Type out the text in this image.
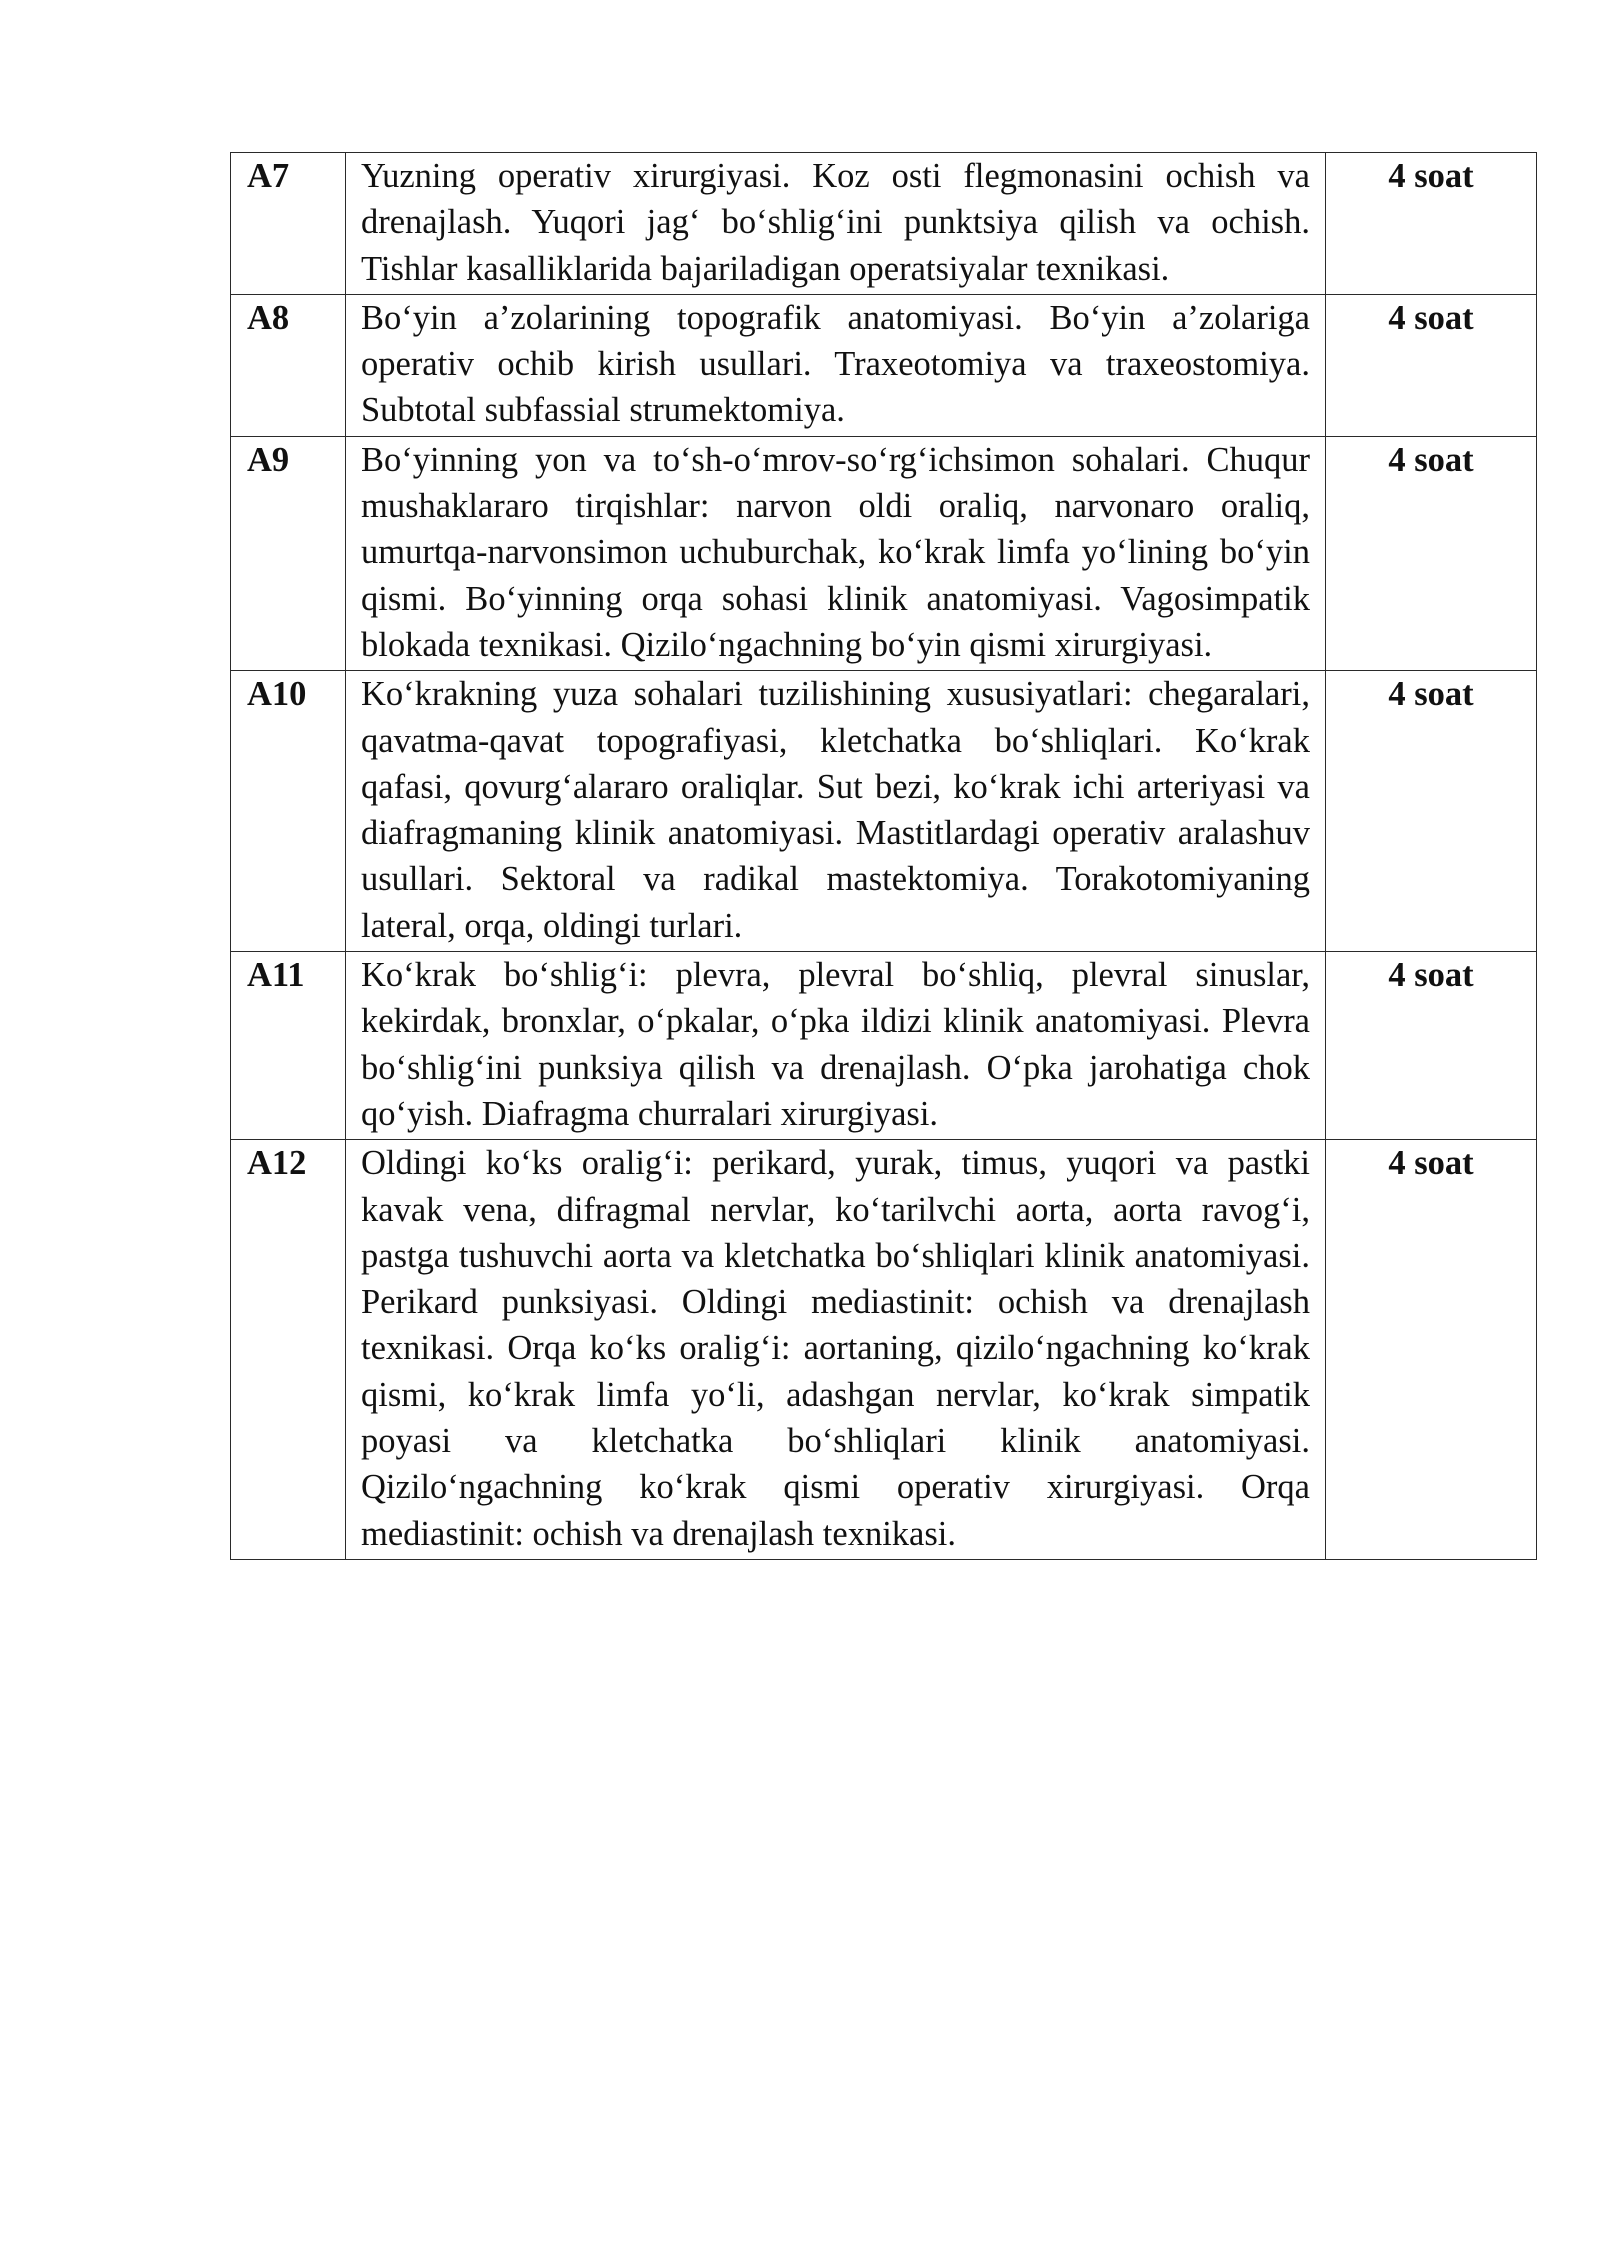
A7	Yuzning operativ xirurgiyasi. Koz osti flegmonasini ochish va drenajlash. Yuqori jag‘ bo‘shlig‘ini punktsiya qilish va ochish. Tishlar kasalliklarida bajariladigan operatsiyalar texnikasi.	4 soat
A8	Bo‘yin a’zolarining topografik anatomiyasi. Bo‘yin a’zolariga operativ ochib kirish usullari. Traxeotomiya va traxeostomiya. Subtotal subfassial strumektomiya.	4 soat
A9	Bo‘yinning yon va to‘sh-o‘mrov-so‘rg‘ichsimon sohalari. Chuqur mushaklararo tirqishlar: narvon oldi oraliq, narvonaro oraliq, umurtqa-narvonsimon uchuburchak, ko‘krak limfa yo‘lining bo‘yin qismi. Bo‘yinning orqa sohasi klinik anatomiyasi. Vagosimpatik blokada texnikasi. Qizilo‘ngachning bo‘yin qismi xirurgiyasi.	4 soat
A10	Ko‘krakning yuza sohalari tuzilishining xususiyatlari: chegaralari, qavatma-qavat topografiyasi, kletchatka bo‘shliqlari. Ko‘krak qafasi, qovurg‘alararo oraliqlar. Sut bezi, ko‘krak ichi arteriyasi va diafragmaning klinik anatomiyasi. Mastitlardagi operativ aralashuv usullari. Sektoral va radikal mastektomiya. Torakotomiyaning lateral, orqa, oldingi turlari.	4 soat
A11	Ko‘krak bo‘shlig‘i: plevra, plevral bo‘shliq, plevral sinuslar, kekirdak, bronxlar, o‘pkalar, o‘pka ildizi klinik anatomiyasi. Plevra bo‘shlig‘ini punksiya qilish va drenajlash. O‘pka jarohatiga chok qo‘yish. Diafragma churralari xirurgiyasi.	4 soat
A12	Oldingi ko‘ks oralig‘i: perikard, yurak, timus, yuqori va pastki kavak vena, difragmal nervlar, ko‘tarilvchi aorta, aorta ravog‘i, pastga tushuvchi aorta va kletchatka bo‘shliqlari klinik anatomiyasi. Perikard punksiyasi. Oldingi mediastinit: ochish va drenajlash texnikasi. Orqa ko‘ks oralig‘i: aortaning, qizilo‘ngachning ko‘krak qismi, ko‘krak limfa yo‘li, adashgan nervlar, ko‘krak simpatik poyasi va kletchatka bo‘shliqlari klinik anatomiyasi. Qizilo‘ngachning ko‘krak qismi operativ xirurgiyasi. Orqa mediastinit: ochish va drenajlash texnikasi.	4 soat
